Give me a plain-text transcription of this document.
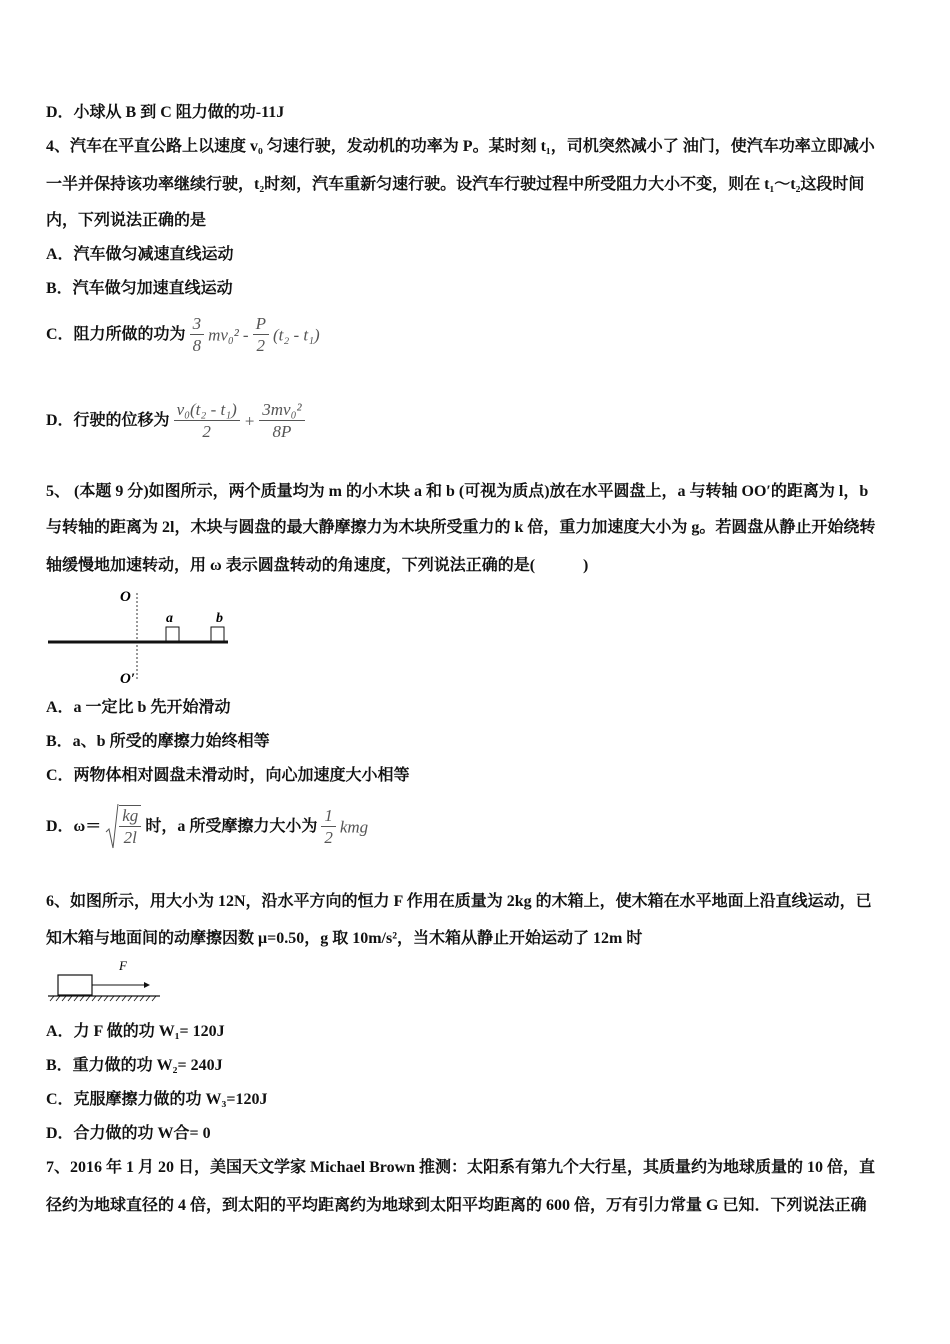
D．小球从 B 到 C 阻力做的功-11J
4、汽车在平直公路上以速度 v₀ 匀速行驶，发动机的功率为 P。某时刻 t₁，司机突然减小了 油门，使汽车功率立即减小
一半并保持该功率继续行驶，t₂时刻，汽车重新匀速行驶。设汽车行驶过程中所受阻力大小不变，则在 t₁～t₂这段时间
内，下列说法正确的是
A．汽车做匀减速直线运动
B．汽车做匀加速直线运动
C．阻力所做的功为 $\frac{3}{8} mv_0^2 - \frac{P}{2} (t_2 - t_1)$
D．行驶的位移为 $\frac{\text{v₀(t₂ - t₁)}}{2} + \frac{\text{3mv₀²}}{8P}$
5、 (本题 9 分)如图所示，两个质量均为 m 的小木块 a 和 b (可视为质点)放在水平圆盘上，a 与转轴 OO′的距离为 l，b
与转轴的距离为 2l，木块与圆盘的最大静摩擦力为木块所受重力的 k 倍，重力加速度大小为 g。若圆盘从静止开始绕转
轴缓慢地加速转动，用 ω 表示圆盘转动的角速度，下列说法正确的是(　　　)
O
a	b
O′
A．a 一定比 b 先开始滑动
B．a、b 所受的摩擦力始终相等
C．两物体相对圆盘未滑动时，向心加速度大小相等
D．$\omega= \frac{kg}{2l}$ 时，a 所受摩擦力大小为 $\frac{1}{2}$ kmg
6、如图所示，用大小为 12N，沿水平方向的恒力 F 作用在质量为 2kg 的木箱上，使木箱在水平地面上沿直线运动，已
知木箱与地面间的动摩擦因数 μ=0.50，g 取 10m/s²，当木箱从静止开始运动了 12m 时
F
A．力 F 做的功 W₁= 120J
B．重力做的功 W₂= 240J
C．克服摩擦力做的功 W₃=120J
D．合力做的功 W合= 0
7、2016 年 1 月 20 日，美国天文学家 Michael Brown 推测：太阳系有第九个大行星，其质量约为地球质量的 10 倍，直
径约为地球直径的 4 倍，到太阳的平均距离约为地球到太阳平均距离的 600 倍，万有引力常量 G 已知．下列说法正确
